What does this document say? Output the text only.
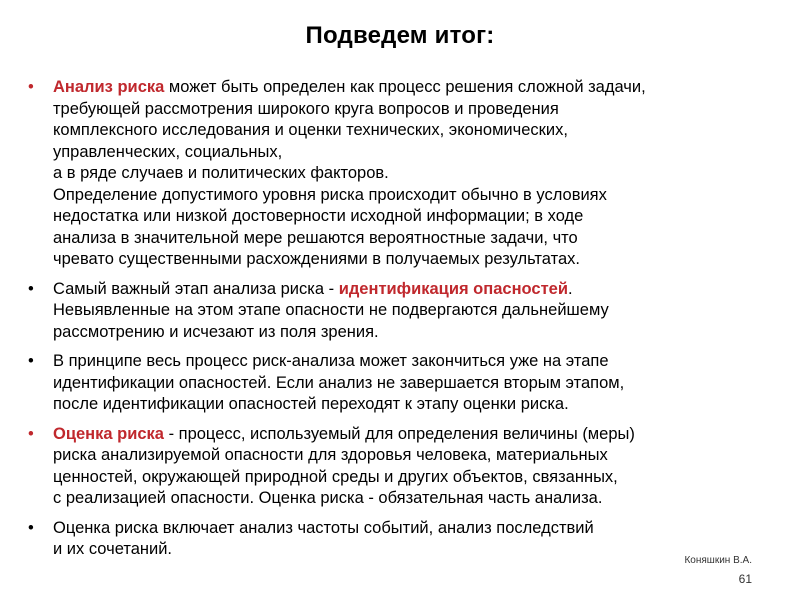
Подведем итог:
• Анализ риска может быть определен как процесс решения сложной задачи,
требующей рассмотрения широкого круга вопросов и проведения
комплексного исследования и оценки технических, экономических,
управленческих, социальных,
а в ряде случаев и политических факторов.
Определение допустимого уровня риска происходит обычно в условиях
недостатка или низкой достоверности исходной информации; в ходе
анализа в значительной мере решаются вероятностные задачи, что
чревато существенными расхождениями в получаемых результатах.
• Самый важный этап анализа риска - идентификация опасностей.
Невыявленные на этом этапе опасности не подвергаются дальнейшему
рассмотрению и исчезают из поля зрения.
• В принципе весь процесс риск-анализа может закончиться уже на этапе
идентификации опасностей. Если анализ не завершается вторым этапом,
после идентификации опасностей переходят к этапу оценки риска.
• Оценка риска - процесс, используемый для определения величины (меры)
риска анализируемой опасности для здоровья человека, материальных
ценностей, окружающей природной среды и других объектов, связанных,
с реализацией опасности. Оценка риска - обязательная часть анализа.
• Оценка риска включает анализ частоты событий, анализ последствий
и их сочетаний.
Коняшкин В.А.
61
